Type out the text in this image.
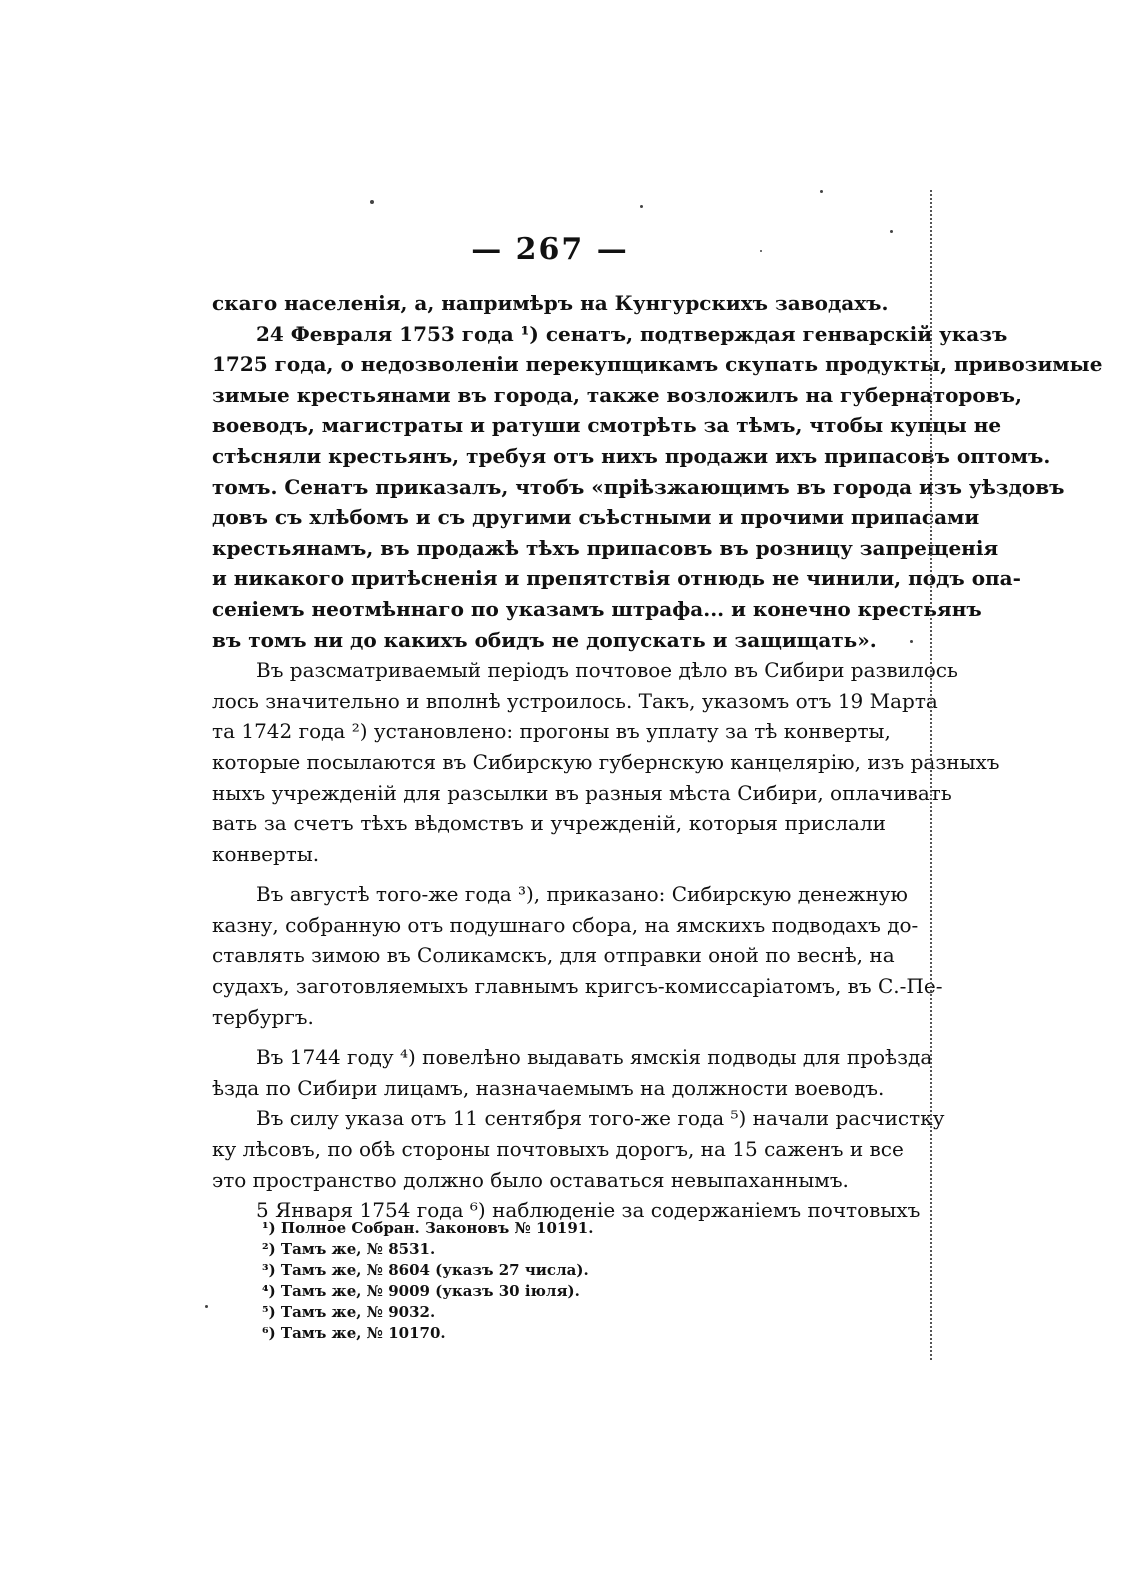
— 267 —
скаго населенія, а, напримѣръ на Кунгурскихъ заводахъ.
24 Февраля 1753 года ¹) сенатъ, подтверждая генварскій указъ
1725 года, о недозволеніи перекупщикамъ скупать продукты, привозимые
зимые крестьянами въ города, также возложилъ на губернаторовъ,
воеводъ, магистраты и ратуши смотрѣть за тѣмъ, чтобы купцы не
стѣсняли крестьянъ, требуя отъ нихъ продажи ихъ припасовъ оптомъ.
томъ. Сенатъ приказалъ, чтобъ «пріѣзжающимъ въ города изъ уѣздовъ
довъ съ хлѣбомъ и съ другими съѣстными и прочими припасами
крестьянамъ, въ продажѣ тѣхъ припасовъ въ розницу запрещенія
и никакого притѣсненія и препятствія отнюдь не чинили, подъ опа-
сеніемъ неотмѣннаго по указамъ штрафа... и конечно крестьянъ
въ томъ ни до какихъ обидъ не допускать и защищать».
Въ разсматриваемый періодъ почтовое дѣло въ Сибири развилось
лось значительно и вполнѣ устроилось. Такъ, указомъ отъ 19 Марта
та 1742 года ²) установлено: прогоны въ уплату за тѣ конверты,
которые посылаются въ Сибирскую губернскую канцелярію, изъ разныхъ
ныхъ учрежденій для разсылки въ разныя мѣста Сибири, оплачивать
вать за счетъ тѣхъ вѣдомствъ и учрежденій, которыя прислали
конверты.
Въ августѣ того-же года ³), приказано: Сибирскую денежную
казну, собранную отъ подушнаго сбора, на ямскихъ подводахъ до-
ставлять зимою въ Соликамскъ, для отправки оной по веснѣ, на
судахъ, заготовляемыхъ главнымъ кригсъ-комиссаріатомъ, въ С.-Пе-
тербургъ.
Въ 1744 году ⁴) повелѣно выдавать ямскія подводы для проѣзда
ѣзда по Сибири лицамъ, назначаемымъ на должности воеводъ.
Въ силу указа отъ 11 сентября того-же года ⁵) начали расчистку
ку лѣсовъ, по обѣ стороны почтовыхъ дорогъ, на 15 саженъ и все
это пространство должно было оставаться невыпаханнымъ.
5 Января 1754 года ⁶) наблюденіе за содержаніемъ почтовыхъ
¹) Полное Собран. Законовъ № 10191.
²) Тамъ же, № 8531.
³) Тамъ же, № 8604 (указъ 27 числа).
⁴) Тамъ же, № 9009 (указъ 30 іюля).
⁵) Тамъ же, № 9032.
⁶) Тамъ же, № 10170.
